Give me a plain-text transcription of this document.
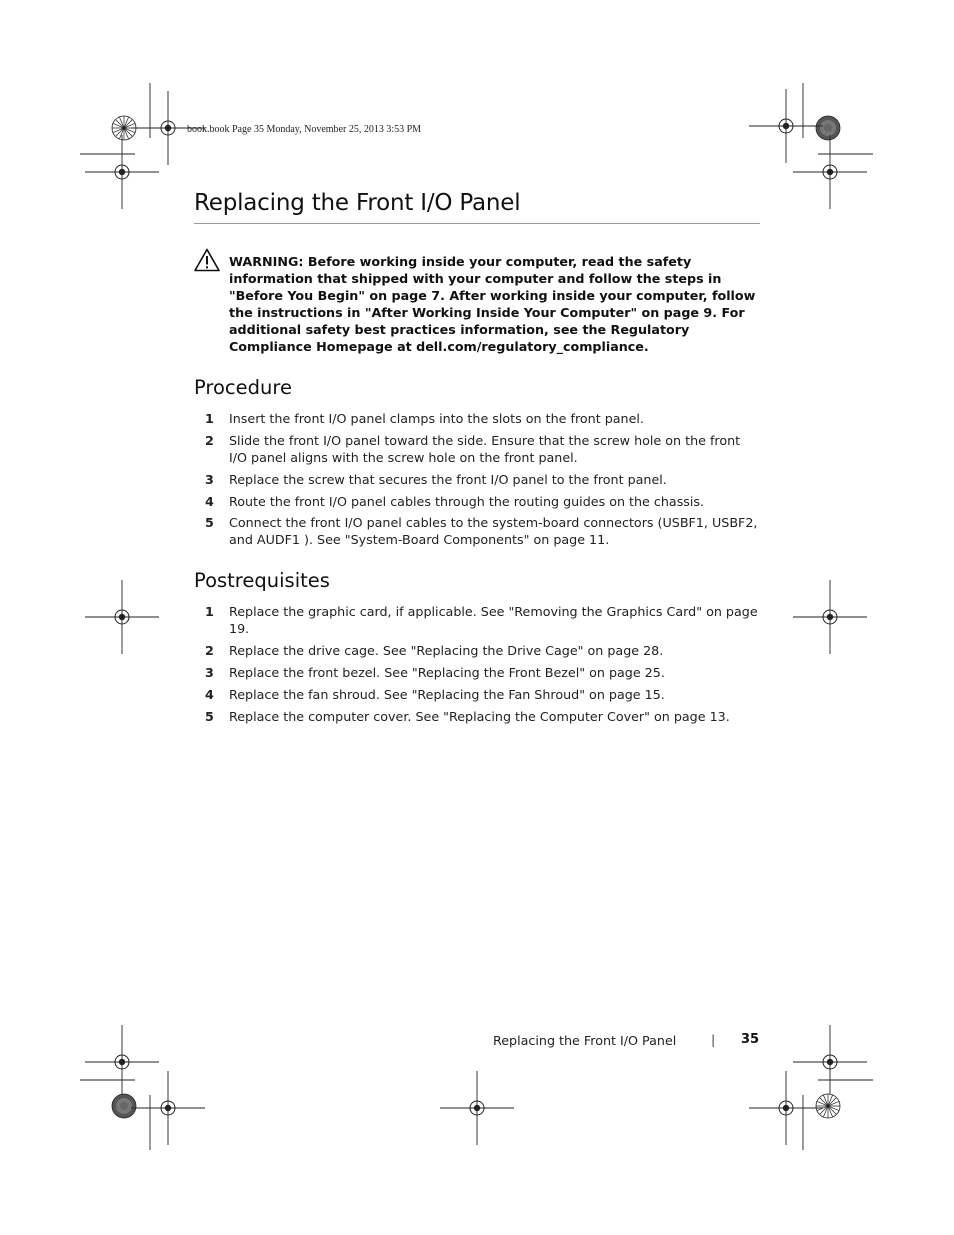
book.book Page 35 Monday, November 25, 2013 3:53 PM
Replacing the Front I/O Panel

WARNING: Before working inside your computer, read the safety information that shipped with your computer and follow the steps in "Before You Begin" on page 7. After working inside your computer, follow the instructions in "After Working Inside Your Computer" on page 9. For additional safety best practices information, see the Regulatory Compliance Homepage at dell.com/regulatory_compliance.

Procedure
1 Insert the front I/O panel clamps into the slots on the front panel.
2 Slide the front I/O panel toward the side. Ensure that the screw hole on the front I/O panel aligns with the screw hole on the front panel.
3 Replace the screw that secures the front I/O panel to the front panel.
4 Route the front I/O panel cables through the routing guides on the chassis.
5 Connect the front I/O panel cables to the system-board connectors (USBF1, USBF2, and AUDF1 ). See "System-Board Components" on page 11.
Postrequisites
1 Replace the graphic card, if applicable. See "Removing the Graphics Card" on page 19.
2 Replace the drive cage. See "Replacing the Drive Cage" on page 28.
3 Replace the front bezel. See "Replacing the Front Bezel" on page 25.
4 Replace the fan shroud. See "Replacing the Fan Shroud" on page 15.
5 Replace the computer cover. See "Replacing the Computer Cover" on page 13.
Replacing the Front I/O Panel	| 35
